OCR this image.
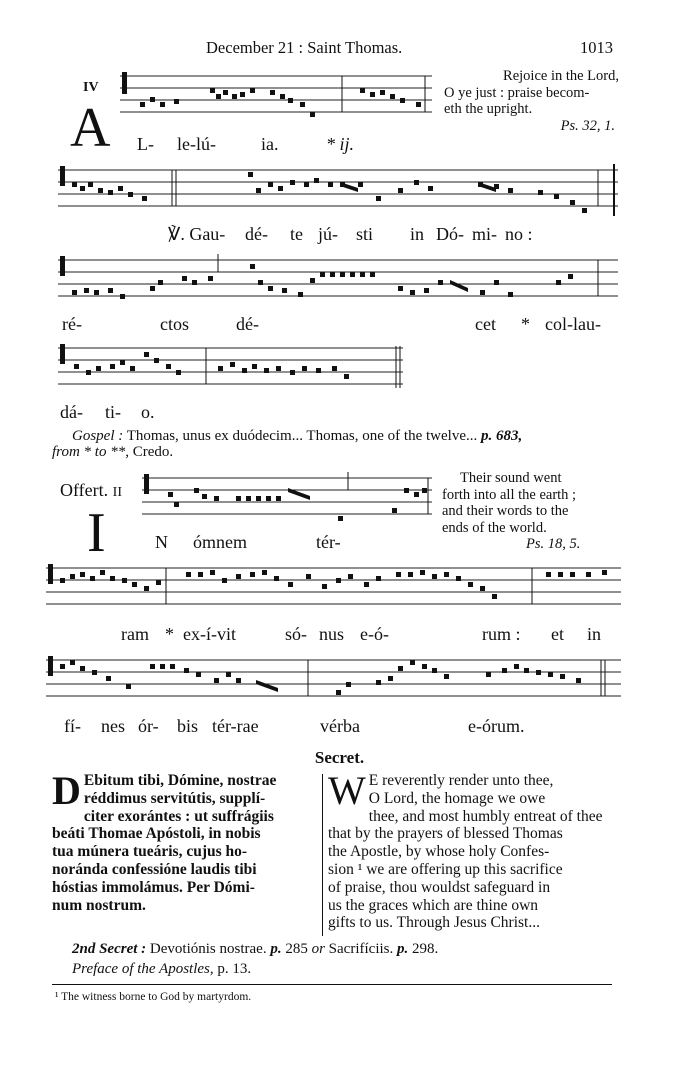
December 21 : Saint Thomas.	1013
IV
A L- le-lú-	ia.	* ij.
Rejoice in the Lord,
O ye just : praise becom-
eth the upright.
Ps. 32, 1.
℣. Gau- dé- te jú- sti in Dó- mi- no :
ré-	ctos	dé-	cet * col-lau-
dá- ti- o.
Gospel : Thomas, unus ex duódecim... Thomas, one of the twelve... p. 683,
from * to **, Credo.
Offert. II
I	N ómnem	tér-
Their sound went
forth into all the earth ;
and their words to the
ends of the world.
Ps. 18, 5.
ram * ex-í-vit	só- nus e-ó-	rum : et in
fí- nes ór- bis tér-rae	vérba	e-órum.
Secret.
D Ebitum tibi, Dómine, nostrae
réddimus servitútis, supplí-
citer exorántes : ut suffrágiis
beáti Thomae Apóstoli, in nobis
tua múnera tueáris, cujus ho-
noránda confessióne laudis tibi
hóstias immolámus. Per Dómi-
num nostrum.
W E reverently render unto thee,
O Lord, the homage we owe
thee, and most humbly entreat of thee
that by the prayers of blessed Thomas
the Apostle, by whose holy Confes-
sion ¹ we are offering up this sacrifice
of praise, thou wouldst safeguard in
us the graces which are thine own
gifts to us. Through Jesus Christ...
2nd Secret : Devotiónis nostrae. p. 285 or Sacrifíciis. p. 298.
Preface of the Apostles, p. 13.
¹ The witness borne to God by martyrdom.
